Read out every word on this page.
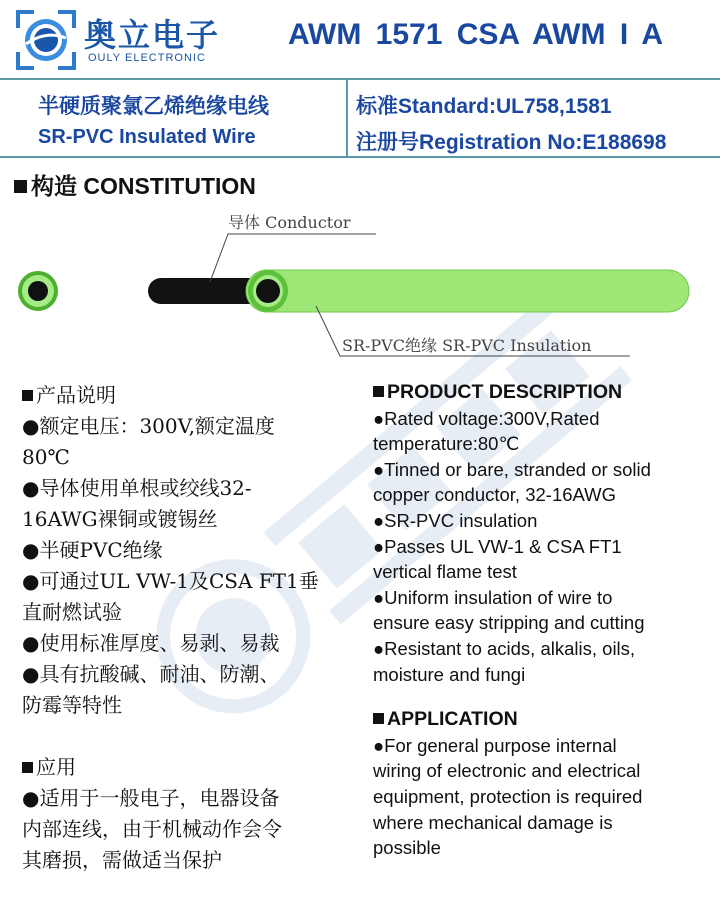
奥立电子
OULY ELECTRONIC
AWM 1571 CSA AWM I A
半硬质聚氯乙烯绝缘电线
SR-PVC Insulated Wire
标准Standard:UL758,1581
注册号Registration No:E188698
构造 CONSTITUTION
导体 Conductor
SR-PVC绝缘 SR-PVC Insulation

产品说明

●额定电压：300V,额定温度

80℃

●导体使用单根或绞线32-

16AWG裸铜或镀锡丝

●半硬PVC绝缘

●可通过UL VW-1及CSA FT1垂

直耐燃试验

●使用标准厚度、易剥、易裁

●具有抗酸碱、耐油、防潮、

防霉等特性

应用

●适用于一般电子，电器设备

内部连线，由于机械动作会令

其磨损，需做适当保护

PRODUCT DESCRIPTION

●Rated voltage:300V,Rated

temperature:80℃

●Tinned or bare, stranded or solid

copper conductor, 32-16AWG

●SR-PVC insulation

●Passes UL VW-1 & CSA FT1

vertical flame test

●Uniform insulation of wire to

ensure easy stripping and cutting

●Resistant to acids, alkalis, oils,

moisture and fungi

APPLICATION

●For general purpose internal

wiring of electronic and electrical

equipment, protection is required

where mechanical damage is

possible
